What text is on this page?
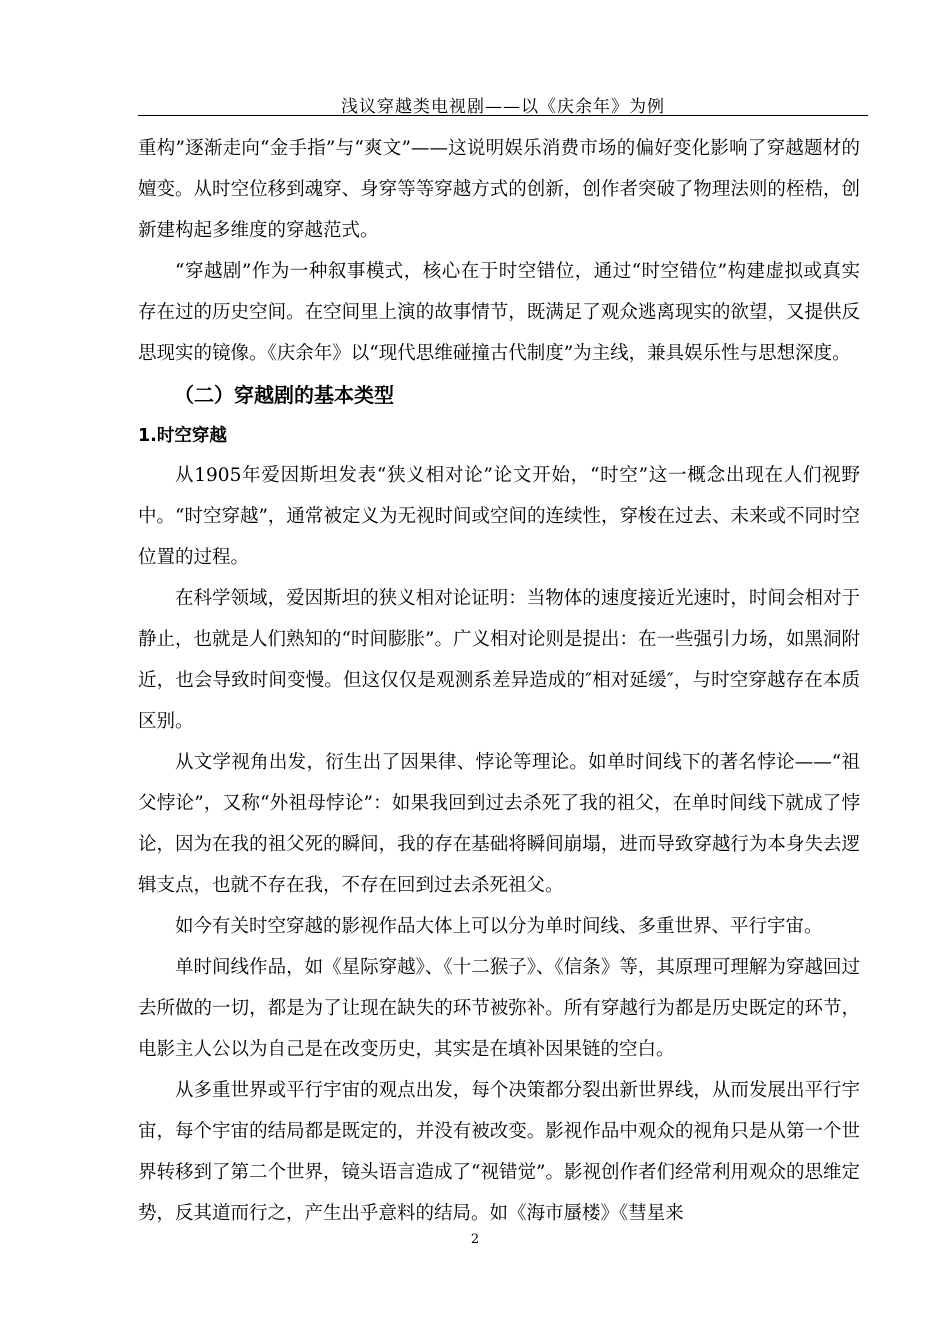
浅议穿越类电视剧——以《庆余年》为例

重构”逐渐走向“金手指”与“爽文”——这说明娱乐消费市场的偏好变化影响了穿越题材的嬗变。从时空位移到魂穿、身穿等等穿越方式的创新，创作者突破了物理法则的桎梏，创新建构起多维度的穿越范式。

“穿越剧”作为一种叙事模式，核心在于时空错位，通过“时空错位”构建虚拟或真实存在过的历史空间。在空间里上演的故事情节，既满足了观众逃离现实的欲望，又提供反思现实的镜像。《庆余年》以“现代思维碰撞古代制度”为主线，兼具娱乐性与思想深度。

（二）穿越剧的基本类型

1.时空穿越

从1905年爱因斯坦发表“狭义相对论”论文开始，“时空”这一概念出现在人们视野中。“时空穿越”，通常被定义为无视时间或空间的连续性，穿梭在过去、未来或不同时空位置的过程。

在科学领域，爱因斯坦的狭义相对论证明：当物体的速度接近光速时，时间会相对于静止，也就是人们熟知的“时间膨胀”。广义相对论则是提出：在一些强引力场，如黑洞附近，也会导致时间变慢。但这仅仅是观测系差异造成的″相对延缓″，与时空穿越存在本质区别。

从文学视角出发，衍生出了因果律、悖论等理论。如单时间线下的著名悖论——“祖父悖论”，又称“外祖母悖论”：如果我回到过去杀死了我的祖父，在单时间线下就成了悖论，因为在我的祖父死的瞬间，我的存在基础将瞬间崩塌，进而导致穿越行为本身失去逻辑支点，也就不存在我，不存在回到过去杀死祖父。

如今有关时空穿越的影视作品大体上可以分为单时间线、多重世界、平行宇宙。

单时间线作品，如《星际穿越》、《十二猴子》、《信条》等，其原理可理解为穿越回过去所做的一切，都是为了让现在缺失的环节被弥补。所有穿越行为都是历史既定的环节，电影主人公以为自己是在改变历史，其实是在填补因果链的空白。

从多重世界或平行宇宙的观点出发，每个决策都分裂出新世界线，从而发展出平行宇宙，每个宇宙的结局都是既定的，并没有被改变。影视作品中观众的视角只是从第一个世界转移到了第二个世界，镜头语言造成了“视错觉”。影视创作者们经常利用观众的思维定势，反其道而行之，产生出乎意料的结局。如《海市蜃楼》《彗星来

2
